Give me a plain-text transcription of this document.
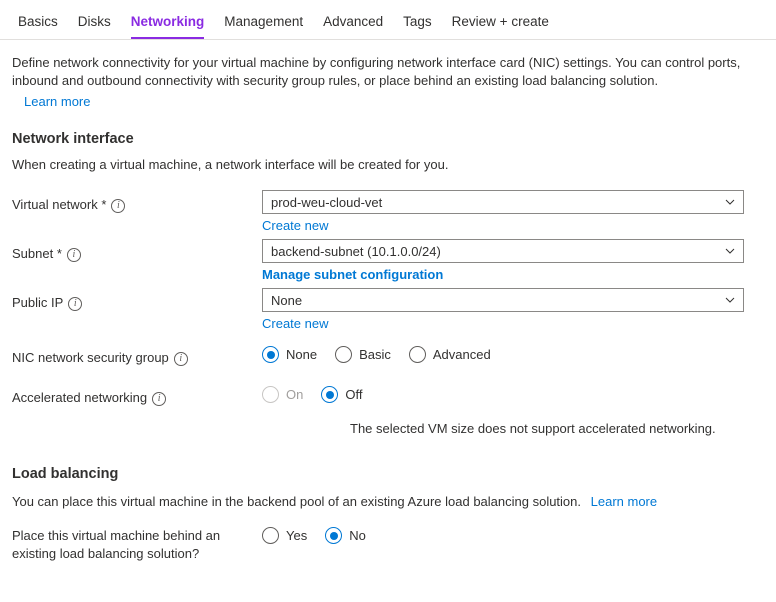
Basics	Disks	Networking	Management	Advanced	Tags	Review + create
Define network connectivity for your virtual machine by configuring network interface card (NIC) settings. You can control ports, inbound and outbound connectivity with security group rules, or place behind an existing load balancing solution.
Learn more
Network interface
When creating a virtual machine, a network interface will be created for you.
Virtual network * i	prod-weu-cloud-vet
Create new
Subnet * i	backend-subnet (10.1.0.0/24)
Manage subnet configuration
Public IP i	None
Create new
NIC network security group i	None	Basic	Advanced
Accelerated networking i	On	Off
The selected VM size does not support accelerated networking.
Load balancing
You can place this virtual machine in the backend pool of an existing Azure load balancing solution. Learn more
Place this virtual machine behind an existing load balancing solution?
Yes	No
